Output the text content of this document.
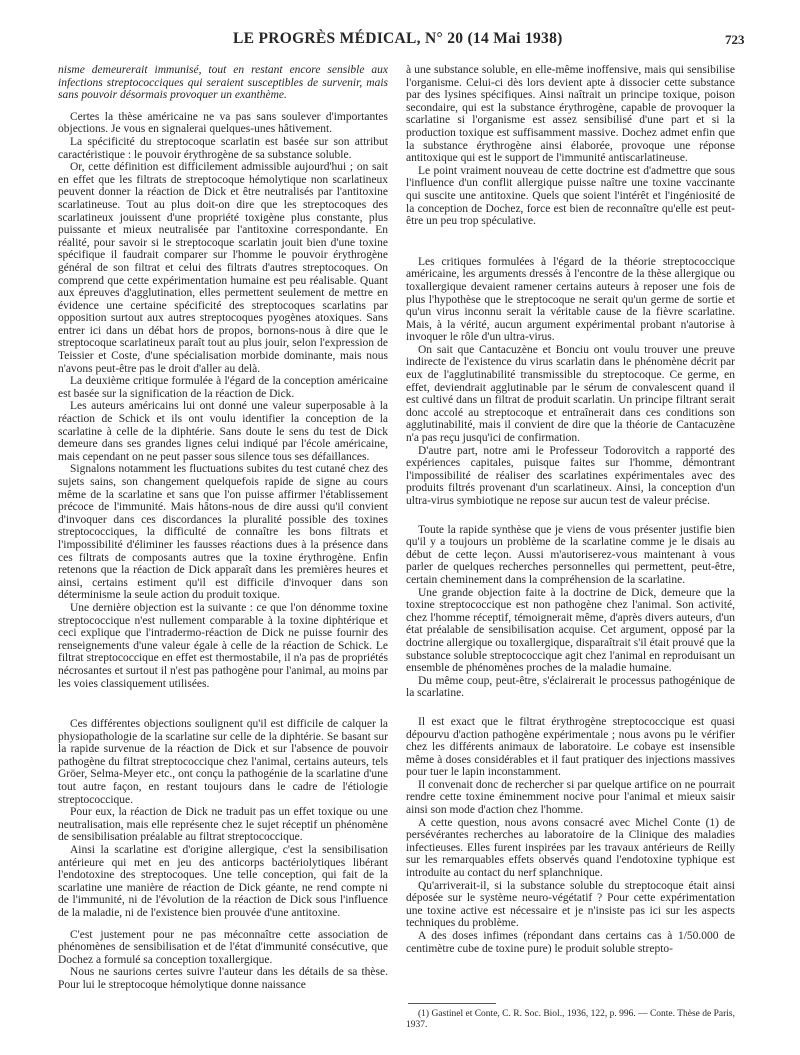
LE PROGRÈS MÉDICAL, N° 20 (14 Mai 1938)	723

nisme demeurerait immunisé, tout en restant encore sensible aux infections streptococciques qui seraient susceptibles de survenir, mais sans pouvoir désormais provoquer un exanthème.

Certes la thèse américaine ne va pas sans soulever d'importantes objections. Je vous en signalerai quelques-unes hâtivement.

La spécificité du streptocoque scarlatin est basée sur son attribut caractéristique : le pouvoir érythrogène de sa substance soluble.

Or, cette définition est difficilement admissible aujourd'hui ; on sait en effet que les filtrats de streptocoque hémolytique non scarlatineux peuvent donner la réaction de Dick et être neutralisés par l'antitoxine scarlatineuse. Tout au plus doit-on dire que les streptocoques des scarlatineux jouissent d'une propriété toxigène plus constante, plus puissante et mieux neutralisée par l'antitoxine correspondante. En réalité, pour savoir si le streptocoque scarlatin jouit bien d'une toxine spécifique il faudrait comparer sur l'homme le pouvoir érythrogène général de son filtrat et celui des filtrats d'autres streptocoques. On comprend que cette expérimentation humaine est peu réalisable. Quant aux épreuves d'agglutination, elles permettent seulement de mettre en évidence une certaine spécificité des streptocoques scarlatins par opposition surtout aux autres streptocoques pyogènes atoxiques. Sans entrer ici dans un débat hors de propos, bornons-nous à dire que le streptocoque scarlatineux paraît tout au plus jouir, selon l'expression de Teissier et Coste, d'une spécialisation morbide dominante, mais nous n'avons peut-être pas le droit d'aller au delà.

La deuxième critique formulée à l'égard de la conception américaine est basée sur la signification de la réaction de Dick.

Les auteurs américains lui ont donné une valeur superposable à la réaction de Schick et ils ont voulu identifier la conception de la scarlatine à celle de la diphtérie. Sans doute le sens du test de Dick demeure dans ses grandes lignes celui indiqué par l'école américaine, mais cependant on ne peut passer sous silence tous ses défaillances.

Signalons notamment les fluctuations subites du test cutané chez des sujets sains, son changement quelquefois rapide de signe au cours même de la scarlatine et sans que l'on puisse affirmer l'établissement précoce de l'immunité. Mais hâtons-nous de dire aussi qu'il convient d'invoquer dans ces discordances la pluralité possible des toxines streptococciques, la difficulté de connaître les bons filtrats et l'impossibilité d'éliminer les fausses réactions dues à la présence dans ces filtrats de composants autres que la toxine érythrogène. Enfin retenons que la réaction de Dick apparaît dans les premières heures et ainsi, certains estiment qu'il est difficile d'invoquer dans son déterminisme la seule action du produit toxique.

Une dernière objection est la suivante : ce que l'on dénomme toxine streptococcique n'est nullement comparable à la toxine diphtérique et ceci explique que l'intradermo-réaction de Dick ne puisse fournir des renseignements d'une valeur égale à celle de la réaction de Schick. Le filtrat streptococcique en effet est thermostabile, il n'a pas de propriétés nécrosantes et surtout il n'est pas pathogène pour l'animal, au moins par les voies classiquement utilisées.

Ces différentes objections soulignent qu'il est difficile de calquer la physiopathologie de la scarlatine sur celle de la diphtérie. Se basant sur la rapide survenue de la réaction de Dick et sur l'absence de pouvoir pathogène du filtrat streptococcique chez l'animal, certains auteurs, tels Gröer, Selma-Meyer etc., ont conçu la pathogénie de la scarlatine d'une tout autre façon, en restant toujours dans le cadre de l'étiologie streptococcique.

Pour eux, la réaction de Dick ne traduit pas un effet toxique ou une neutralisation, mais elle représente chez le sujet réceptif un phénomène de sensibilisation préalable au filtrat streptococcique.

Ainsi la scarlatine est d'origine allergique, c'est la sensibilisation antérieure qui met en jeu des anticorps bactériolytiques libérant l'endotoxine des streptocoques. Une telle conception, qui fait de la scarlatine une manière de réaction de Dick géante, ne rend compte ni de l'immunité, ni de l'évolution de la réaction de Dick sous l'influence de la maladie, ni de l'existence bien prouvée d'une antitoxine.

C'est justement pour ne pas méconnaître cette association de phénomènes de sensibilisation et de l'état d'immunité consécutive, que Dochez a formulé sa conception toxallergique.

Nous ne saurions certes suivre l'auteur dans les détails de sa thèse. Pour lui le streptocoque hémolytique donne naissance

à une substance soluble, en elle-même inoffensive, mais qui sensibilise l'organisme. Celui-ci dès lors devient apte à dissocier cette substance par des lysines spécifiques. Ainsi naîtrait un principe toxique, poison secondaire, qui est la substance érythrogène, capable de provoquer la scarlatine si l'organisme est assez sensibilisé d'une part et si la production toxique est suffisamment massive. Dochez admet enfin que la substance érythrogène ainsi élaborée, provoque une réponse antitoxique qui est le support de l'immunité antiscarlatineuse.

Le point vraiment nouveau de cette doctrine est d'admettre que sous l'influence d'un conflit allergique puisse naître une toxine vaccinante qui suscite une antitoxine. Quels que soient l'intérêt et l'ingéniosité de la conception de Dochez, force est bien de reconnaître qu'elle est peut-être un peu trop spéculative.

Les critiques formulées à l'égard de la théorie streptococcique américaine, les arguments dressés à l'encontre de la thèse allergique ou toxallergique devaient ramener certains auteurs à reposer une fois de plus l'hypothèse que le streptocoque ne serait qu'un germe de sortie et qu'un virus inconnu serait la véritable cause de la fièvre scarlatine. Mais, à la vérité, aucun argument expérimental probant n'autorise à invoquer le rôle d'un ultra-virus.

On sait que Cantacuzène et Bonciu ont voulu trouver une preuve indirecte de l'existence du virus scarlatin dans le phénomène décrit par eux de l'agglutinabilité transmissible du streptocoque. Ce germe, en effet, deviendrait agglutinable par le sérum de convalescent quand il est cultivé dans un filtrat de produit scarlatin. Un principe filtrant serait donc accolé au streptocoque et entraînerait dans ces conditions son agglutinabilité, mais il convient de dire que la théorie de Cantacuzène n'a pas reçu jusqu'ici de confirmation.

D'autre part, notre ami le Professeur Todorovitch a rapporté des expériences capitales, puisque faites sur l'homme, démontrant l'impossibilité de réaliser des scarlatines expérimentales avec des produits filtrés provenant d'un scarlatineux. Ainsi, la conception d'un ultra-virus symbiotique ne repose sur aucun test de valeur précise.

Toute la rapide synthèse que je viens de vous présenter justifie bien qu'il y a toujours un problème de la scarlatine comme je le disais au début de cette leçon. Aussi m'autoriserez-vous maintenant à vous parler de quelques recherches personnelles qui permettent, peut-être, certain cheminement dans la compréhension de la scarlatine.

Une grande objection faite à la doctrine de Dick, demeure que la toxine streptococcique est non pathogène chez l'animal. Son activité, chez l'homme réceptif, témoignerait même, d'après divers auteurs, d'un état préalable de sensibilisation acquise. Cet argument, opposé par la doctrine allergique ou toxallergique, disparaîtrait s'il était prouvé que la substance soluble streptococcique agit chez l'animal en reproduisant un ensemble de phénomènes proches de la maladie humaine.

Du même coup, peut-être, s'éclairerait le processus pathogénique de la scarlatine.

Il est exact que le filtrat érythrogène streptococcique est quasi dépourvu d'action pathogène expérimentale ; nous avons pu le vérifier chez les différents animaux de laboratoire. Le cobaye est insensible même à doses considérables et il faut pratiquer des injections massives pour tuer le lapin inconstamment.

Il convenait donc de rechercher si par quelque artifice on ne pourrait rendre cette toxine éminemment nocive pour l'animal et mieux saisir ainsi son mode d'action chez l'homme.

A cette question, nous avons consacré avec Michel Conte (1) de persévérantes recherches au laboratoire de la Clinique des maladies infectieuses. Elles furent inspirées par les travaux antérieurs de Reilly sur les remarquables effets observés quand l'endotoxine typhique est introduite au contact du nerf splanchnique.

Qu'arriverait-il, si la substance soluble du streptocoque était ainsi déposée sur le système neuro-végétatif ? Pour cette expérimentation une toxine active est nécessaire et je n'insiste pas ici sur les aspects techniques du problème.

A des doses infimes (répondant dans certains cas à 1/50.000 de centimètre cube de toxine pure) le produit soluble strepto-

(1) Gastinel et Conte, C. R. Soc. Biol., 1936, 122, p. 996. — Conte. Thèse de Paris, 1937.
